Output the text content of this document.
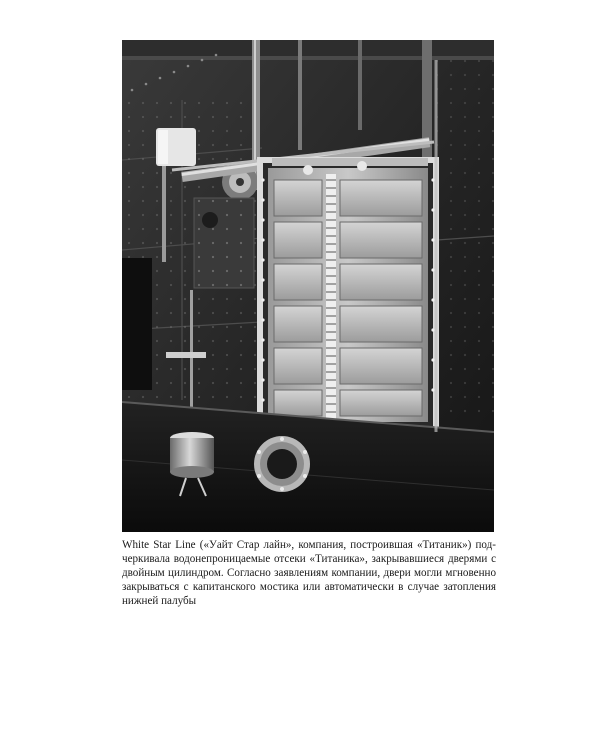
White Star Line («Уайт Стар лайн», компания, построившая «Титаник») под-
черкивала водонепроницаемые отсеки «Титаника», закрывавшиеся дверями с
двойным цилиндром. Согласно заявлениям компании, двери могли мгновенно
закрываться с капитанского мостика или автоматически в случае затопления
нижней палубы
